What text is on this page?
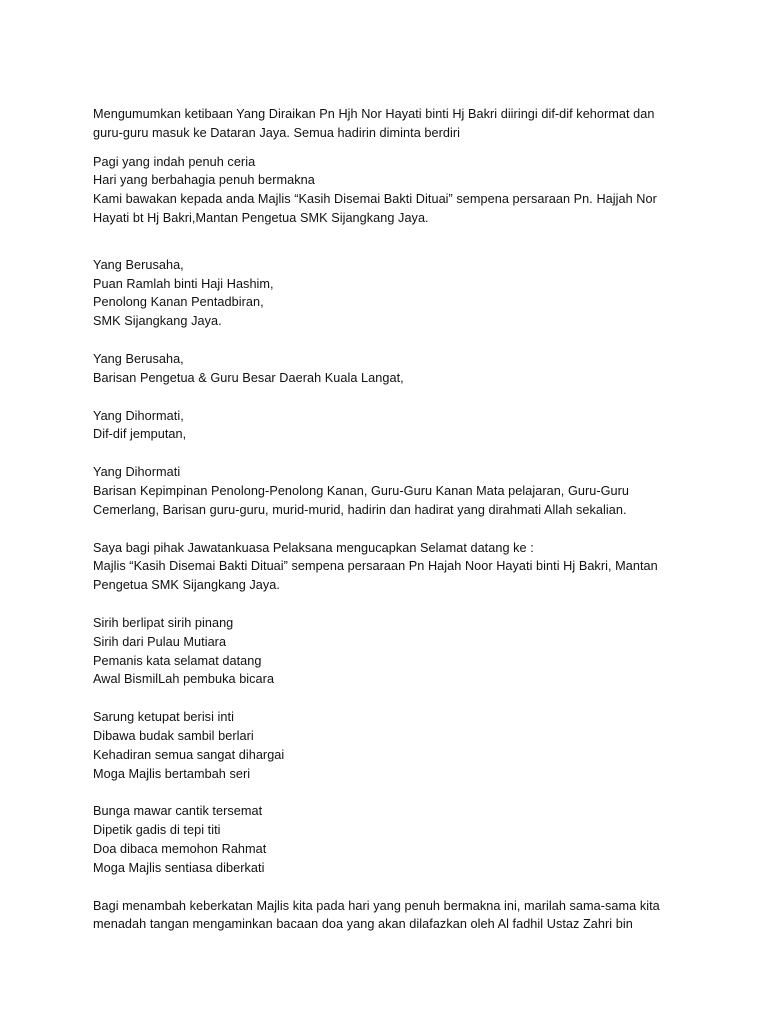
Mengumumkan ketibaan Yang Diraikan Pn Hjh Nor Hayati binti Hj Bakri diiringi dif-dif kehormat dan
guru-guru masuk ke Dataran Jaya. Semua hadirin diminta berdiri
Pagi yang indah penuh ceria
Hari yang berbahagia penuh bermakna
Kami bawakan kepada anda Majlis “Kasih Disemai Bakti Dituai” sempena persaraan Pn. Hajjah Nor
Hayati bt Hj Bakri,Mantan Pengetua SMK Sijangkang Jaya.
Yang Berusaha,
Puan Ramlah binti Haji Hashim,
Penolong Kanan Pentadbiran,
SMK Sijangkang Jaya.
Yang Berusaha,
Barisan Pengetua & Guru Besar Daerah Kuala Langat,
Yang Dihormati,
Dif-dif jemputan,
Yang Dihormati
Barisan Kepimpinan Penolong-Penolong Kanan, Guru-Guru Kanan Mata pelajaran, Guru-Guru
Cemerlang, Barisan guru-guru, murid-murid, hadirin dan hadirat yang dirahmati Allah sekalian.
Saya bagi pihak Jawatankuasa Pelaksana mengucapkan Selamat datang ke :
Majlis “Kasih Disemai Bakti Dituai” sempena persaraan Pn Hajah Noor Hayati binti Hj Bakri, Mantan
Pengetua SMK Sijangkang Jaya.
Sirih berlipat sirih pinang
Sirih dari Pulau Mutiara
Pemanis kata selamat datang
Awal BismilLah pembuka bicara
Sarung ketupat berisi inti
Dibawa budak sambil berlari
Kehadiran semua sangat dihargai
Moga Majlis bertambah seri
Bunga mawar cantik tersemat
Dipetik gadis di tepi titi
Doa dibaca memohon Rahmat
Moga Majlis sentiasa diberkati
Bagi menambah keberkatan Majlis kita pada hari yang penuh bermakna ini, marilah sama-sama kita
menadah tangan mengaminkan bacaan doa yang akan dilafazkan oleh Al fadhil Ustaz Zahri bin
